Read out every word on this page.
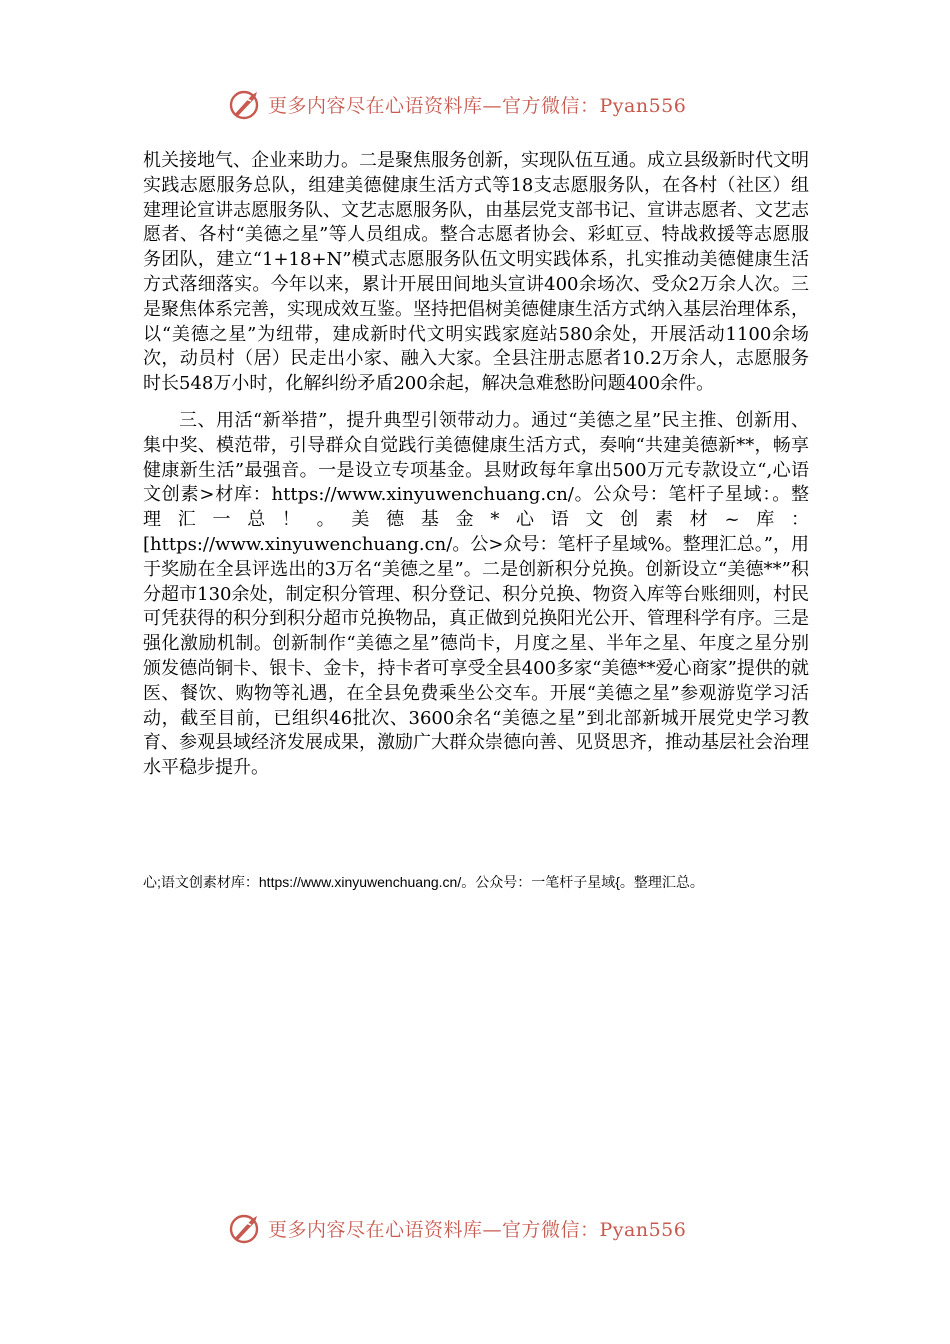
更多内容尽在心语资料库—官方微信：Pyan556

机关接地气、企业来助力。二是聚焦服务创新，实现队伍互通。成立县级新时代文明实践志愿服务总队，组建美德健康生活方式等18支志愿服务队，在各村（社区）组建理论宣讲志愿服务队、文艺志愿服务队，由基层党支部书记、宣讲志愿者、文艺志愿者、各村“美德之星”等人员组成。整合志愿者协会、彩虹豆、特战救援等志愿服务团队，建立“1+18+N”模式志愿服务队伍文明实践体系，扎实推动美德健康生活方式落细落实。今年以来，累计开展田间地头宣讲400余场次、受众2万余人次。三是聚焦体系完善，实现成效互鉴。坚持把倡树美德健康生活方式纳入基层治理体系，以“美德之星”为纽带，建成新时代文明实践家庭站580余处，开展活动1100余场次，动员村（居）民走出小家、融入大家。全县注册志愿者10.2万余人，志愿服务时长548万小时，化解纠纷矛盾200余起，解决急难愁盼问题400余件。

三、用活“新举措”，提升典型引领带动力。通过“美德之星”民主推、创新用、集中奖、模范带，引导群众自觉践行美德健康生活方式，奏响“共建美德新**，畅享健康新生活”最强音。一是设立专项基金。县财政每年拿出500万元专款设立“,心语文创素>材库：https://www.xinyuwenchuang.cn/。公众号：笔杆子星域：。整理汇一总！。美德基金*心语文创素材~库：[https://www.xinyuwenchuang.cn/。公>众号：笔杆子星域%。整理汇总。”，用于奖励在全县评选出的3万名“美德之星”。二是创新积分兑换。创新设立“美德**”积分超市130余处，制定积分管理、积分登记、积分兑换、物资入库等台账细则，村民可凭获得的积分到积分超市兑换物品，真正做到兑换阳光公开、管理科学有序。三是强化激励机制。创新制作“美德之星”德尚卡，月度之星、半年之星、年度之星分别颁发德尚铜卡、银卡、金卡，持卡者可享受全县400多家“美德**爱心商家”提供的就医、餐饮、购物等礼遇，在全县免费乘坐公交车。开展“美德之星”参观游览学习活动，截至目前，已组织46批次、3600余名“美德之星”到北部新城开展党史学习教育、参观县域经济发展成果，激励广大群众崇德向善、见贤思齐，推动基层社会治理水平稳步提升。

心;语文创素材库：https://www.xinyuwenchuang.cn/。公众号：一笔杆子星域{。整理汇总。
更多内容尽在心语资料库—官方微信：Pyan556
